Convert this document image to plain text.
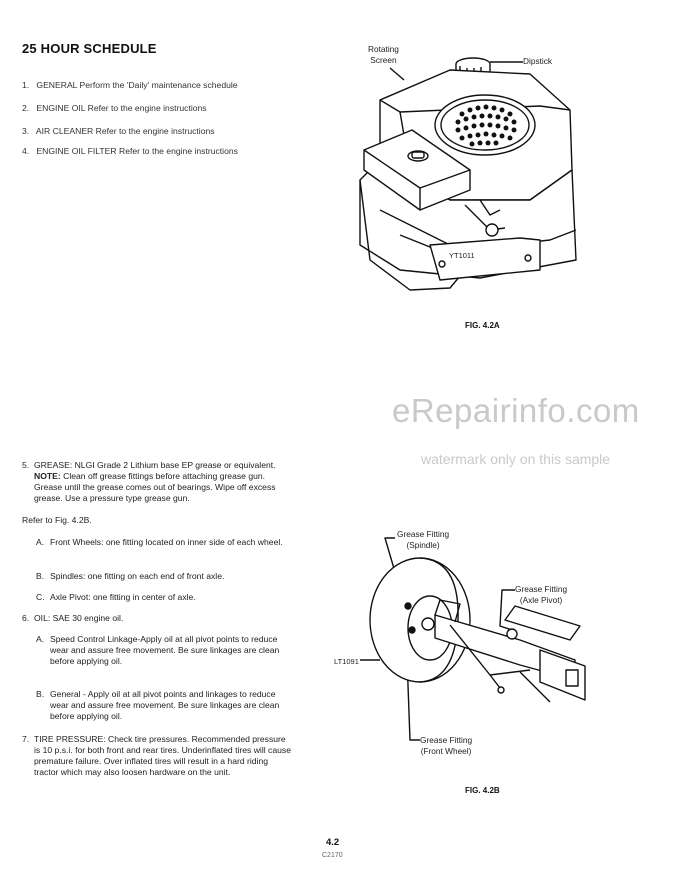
25 HOUR SCHEDULE
1. GENERAL Perform the 'Daily' maintenance schedule
2. ENGINE OIL Refer to the engine instructions
3. AIR CLEANER Refer to the engine instructions
4. ENGINE OIL FILTER Refer to the engine instructions
Rotating
Screen	Dipstick
YT1011
FIG. 4.2A
eRepairinfo.com
watermark only on this sample
5. GREASE: NLGI Grade 2 Lithium base EP grease or equivalent. NOTE: Clean off grease fittings before attaching grease gun. Grease until the grease comes out of bearings. Wipe off excess grease. Use a pressure type grease gun.
Refer to Fig. 4.2B.
A. Front Wheels: one fitting located on inner side of each wheel.
B. Spindles: one fitting on each end of front axle.
C. Axle Pivot: one fitting in center of axle.
6. OIL: SAE 30 engine oil.
A. Speed Control Linkage-Apply oil at all pivot points to reduce wear and assure free movement. Be sure linkages are clean before applying oil.
B. General - Apply oil at all pivot points and linkages to reduce wear and assure free movement. Be sure linkages are clean before applying oil.
7. TIRE PRESSURE: Check tire pressures. Recommended pressure is 10 p.s.i. for both front and rear tires. Underinflated tires will cause premature failure. Over inflated tires will result in a hard riding tractor which may also loosen hardware on the unit.
Grease Fitting
(Spindle)
Grease Fitting
(Axle Pivot)
Grease Fitting
(Front Wheel)
LT1091
FIG. 4.2B
4.2
C2170
